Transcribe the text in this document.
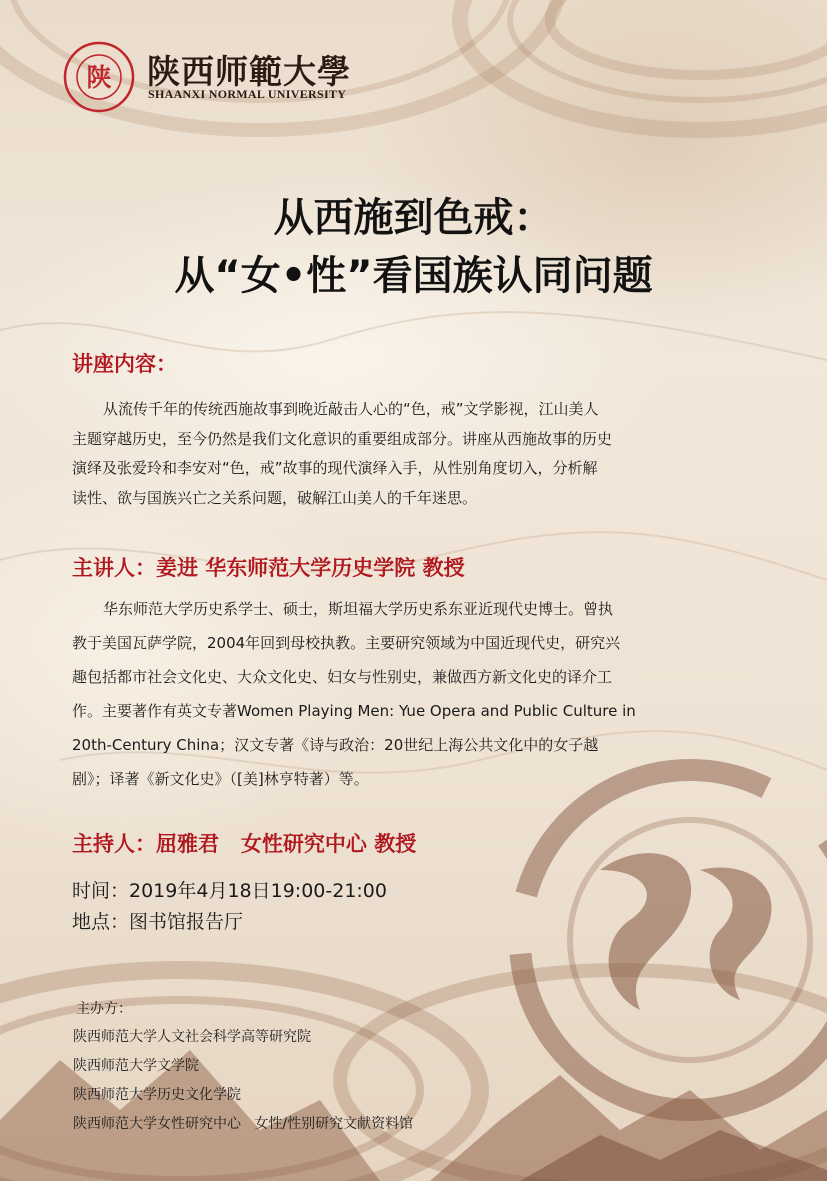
陕 陕西师範大學
SHAANXI NORMAL UNIVERSITY
从西施到色戒：
从“女•性”看国族认同问题
讲座内容：
从流传千年的传统西施故事到晚近敲击人心的“色，戒”文学影视，江山美人
主题穿越历史，至今仍然是我们文化意识的重要组成部分。讲座从西施故事的历史
演绎及张爱玲和李安对“色，戒”故事的现代演绎入手，从性别角度切入，分析解
读性、欲与国族兴亡之关系问题，破解江山美人的千年迷思。
主讲人：姜进 华东师范大学历史学院 教授
华东师范大学历史系学士、硕士，斯坦福大学历史系东亚近现代史博士。曾执
教于美国瓦萨学院，2004年回到母校执教。主要研究领域为中国近现代史，研究兴
趣包括都市社会文化史、大众文化史、妇女与性别史，兼做西方新文化史的译介工
作。主要著作有英文专著Women Playing Men: Yue Opera and Public Culture in
20th-Century China；汉文专著《诗与政治：20世纪上海公共文化中的女子越
剧》；译著《新文化史》（[美]林亨特著）等。
主持人：屈雅君   女性研究中心 教授
时间：2019年4月18日19:00-21:00
地点：图书馆报告厅
主办方：
陕西师范大学人文社会科学高等研究院
陕西师范大学文学院
陕西师范大学历史文化学院
陕西师范大学女性研究中心   女性/性别研究文献资料馆
